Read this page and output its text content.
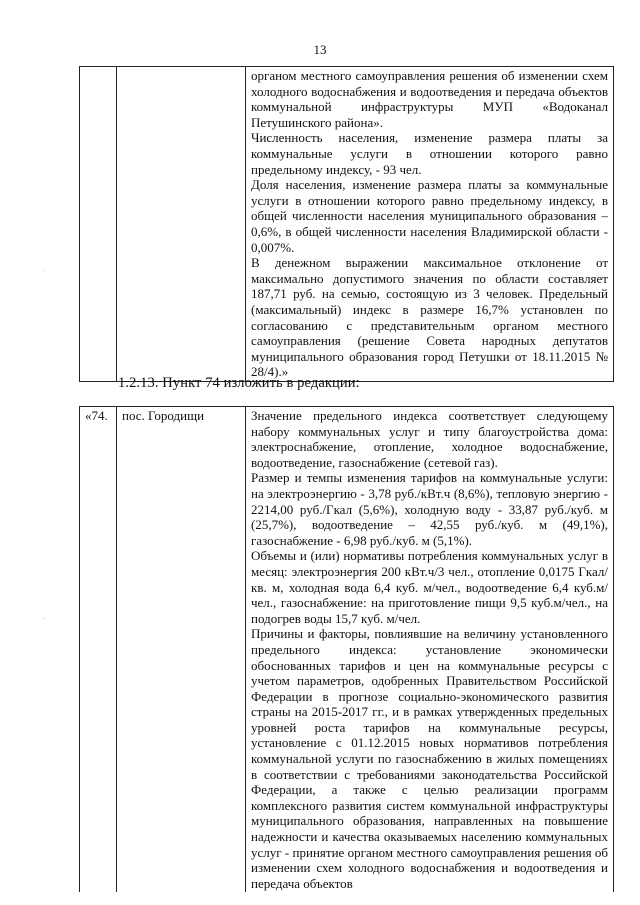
13

органом местного самоуправления решения об изменении схем холодного водоснабжения и водоотведения и передача объектов коммунальной инфраструктуры МУП «Водоканал Петушинского района».

Численность населения, изменение размера платы за коммунальные услуги в отношении которого равно предельному индексу, - 93 чел.

Доля населения, изменение размера платы за коммунальные услуги в отношении которого равно предельному индексу, в общей численности населения муниципального образования – 0,6%, в общей численности населения Владимирской области - 0,007%.

В денежном выражении максимальное отклонение от максимально допустимого значения по области составляет 187,71 руб. на семью, состоящую из 3 человек. Предельный (максимальный) индекс в размере 16,7% установлен по согласованию с представительным органом местного самоуправления (решение Совета народных депутатов муниципального образования город Петушки от 18.11.2015 № 28/4).»

1.2.13. Пункт 74 изложить в редакции:
«74.	пос. Городищи	Значение предельного индекса соответствует следующему набору коммунальных услуг и типу благоустройства дома: электроснабжение, отопление, холодное водоснабжение, водоотведение, газоснабжение (сетевой газ).

Размер и темпы изменения тарифов на коммунальные услуги: на электроэнергию - 3,78 руб./кВт.ч (8,6%), тепловую энергию - 2214,00 руб./Гкал (5,6%), холодную воду - 33,87 руб./куб. м (25,7%), водоотведение – 42,55 руб./куб. м (49,1%), газоснабжение - 6,98 руб./куб. м (5,1%).

Объемы и (или) нормативы потребления коммунальных услуг в месяц: электроэнергия 200 кВт.ч/3 чел., отопление 0,0175 Гкал/кв. м, холодная вода 6,4 куб. м/чел., водоотведение 6,4 куб.м/чел., газоснабжение: на приготовление пищи 9,5 куб.м/чел., на подогрев воды 15,7 куб. м/чел.

Причины и факторы, повлиявшие на величину установленного предельного индекса: установление экономически обоснованных тарифов и цен на коммунальные ресурсы с учетом параметров, одобренных Правительством Российской Федерации в прогнозе социально-экономического развития страны на 2015-2017 гг., и в рамках утвержденных предельных уровней роста тарифов на коммунальные ресурсы, установление с 01.12.2015 новых нормативов потребления коммунальной услуги по газоснабжению в жилых помещениях в соответствии с требованиями законодательства Российской Федерации, а также с целью реализации программ комплексного развития систем коммунальной инфраструктуры муниципального образования, направленных на повышение надежности и качества оказываемых населению коммунальных услуг - принятие органом местного самоуправления решения об изменении схем холодного водоснабжения и водоотведения и передача объектов
